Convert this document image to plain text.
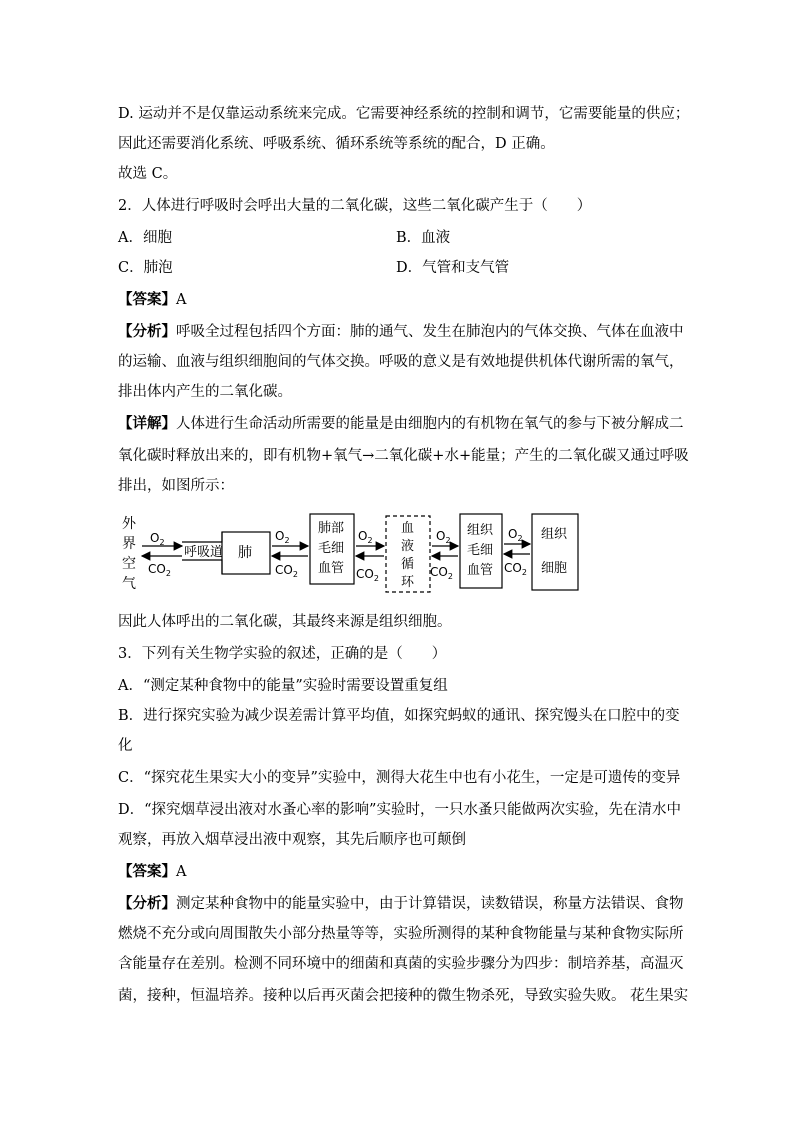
D. 运动并不是仅靠运动系统来完成。它需要神经系统的控制和调节，它需要能量的供应；
因此还需要消化系统、呼吸系统、循环系统等系统的配合，D 正确。
故选 C。
2．人体进行呼吸时会呼出大量的二氧化碳，这些二氧化碳产生于（　　）
A．细胞	B．血液
C．肺泡	D．气管和支气管
【答案】A
【分析】呼吸全过程包括四个方面：肺的通气、发生在肺泡内的气体交换、气体在血液中
的运输、血液与组织细胞间的气体交换。呼吸的意义是有效地提供机体代谢所需的氧气，
排出体内产生的二氧化碳。
【详解】人体进行生命活动所需要的能量是由细胞内的有机物在氧气的参与下被分解成二
氧化碳时释放出来的，即有机物+氧气→二氧化碳+水+能量；产生的二氧化碳又通过呼吸
排出，如图所示：
外
界
空
气
$O_2$
$CO_2$
呼吸道 肺
$O_2$
$CO_2$
肺部
毛细
血管
$O_2$
$CO_2$
血
液
循
环
$O_2$
$CO_2$
组织
毛细
血管
$O_2$
$CO_2$
组织
细胞
因此人体呼出的二氧化碳，其最终来源是组织细胞。
3．下列有关生物学实验的叙述，正确的是（　　）
A．“测定某种食物中的能量”实验时需要设置重复组
B．进行探究实验为减少误差需计算平均值，如探究蚂蚁的通讯、探究馒头在口腔中的变
化
C．“探究花生果实大小的变异”实验中，测得大花生中也有小花生，一定是可遗传的变异
D．“探究烟草浸出液对水蚤心率的影响”实验时，一只水蚤只能做两次实验，先在清水中
观察，再放入烟草浸出液中观察，其先后顺序也可颠倒
【答案】A
【分析】测定某种食物中的能量实验中，由于计算错误，读数错误，称量方法错误、食物
燃烧不充分或向周围散失小部分热量等等，实验所测得的某种食物能量与某种食物实际所
含能量存在差别。检测不同环境中的细菌和真菌的实验步骤分为四步：制培养基，高温灭
菌，接种，恒温培养。接种以后再灭菌会把接种的微生物杀死，导致实验失败。 花生果实
